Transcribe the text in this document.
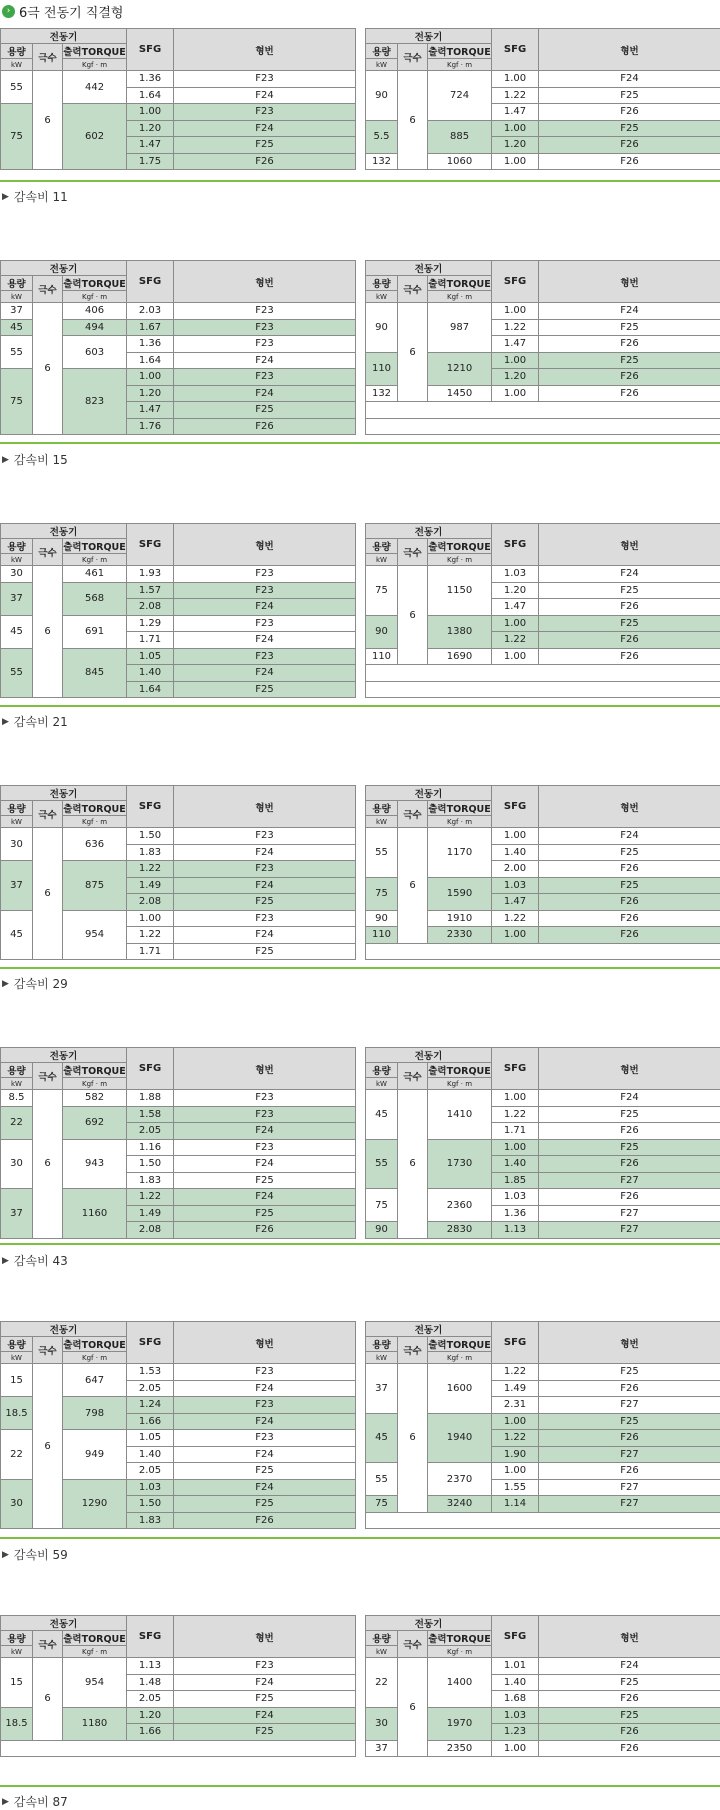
› 6극 전동기 직결형
전동기			SFG	형번
용량	극수	출력TORQUE		
kW		Kgf · m		
55	6	442	1.36	F23
			1.64	F24
75		602	1.00	F23
			1.20	F24
			1.47	F25
			1.75	F26
전동기			SFG	형번
용량	극수	출력TORQUE		
kW		Kgf · m		
90	6	724	1.00	F24
			1.22	F25
			1.47	F26
5.5		885	1.00	F25
			1.20	F26
132		1060	1.00	F26
▶ 감속비 11
전동기			SFG	형번
용량	극수	출력TORQUE		
kW		Kgf · m		
37	6	406	2.03	F23
45		494	1.67	F23
55		603	1.36	F23
			1.64	F24
75		823	1.00	F23
			1.20	F24
			1.47	F25
			1.76	F26
전동기			SFG	형번
용량	극수	출력TORQUE		
kW		Kgf · m		
90	6	987	1.00	F24
			1.22	F25
			1.47	F26
110		1210	1.00	F25
			1.20	F26
132		1450	1.00	F26

▶ 감속비 15
전동기			SFG	형번
용량	극수	출력TORQUE		
kW		Kgf · m		
30	6	461	1.93	F23
37		568	1.57	F23
			2.08	F24
45		691	1.29	F23
			1.71	F24
55		845	1.05	F23
			1.40	F24
			1.64	F25
전동기			SFG	형번
용량	극수	출력TORQUE		
kW		Kgf · m		
75	6	1150	1.03	F24
			1.20	F25
			1.47	F26
90		1380	1.00	F25
			1.22	F26
110		1690	1.00	F26

▶ 감속비 21
전동기			SFG	형번
용량	극수	출력TORQUE		
kW		Kgf · m		
30	6	636	1.50	F23
			1.83	F24
37		875	1.22	F23
			1.49	F24
			2.08	F25
45		954	1.00	F23
			1.22	F24
			1.71	F25
전동기			SFG	형번
용량	극수	출력TORQUE		
kW		Kgf · m		
55	6	1170	1.00	F24
			1.40	F25
			2.00	F26
75		1590	1.03	F25
			1.47	F26
90		1910	1.22	F26
110		2330	1.00	F26

▶ 감속비 29
전동기			SFG	형번
용량	극수	출력TORQUE		
kW		Kgf · m		
8.5	6	582	1.88	F23
22		692	1.58	F23
			2.05	F24
30		943	1.16	F23
			1.50	F24
			1.83	F25
37		1160	1.22	F24
			1.49	F25
			2.08	F26
전동기			SFG	형번
용량	극수	출력TORQUE		
kW		Kgf · m		
45	6	1410	1.00	F24
			1.22	F25
			1.71	F26
55		1730	1.00	F25
			1.40	F26
			1.85	F27
75		2360	1.03	F26
			1.36	F27
90		2830	1.13	F27
▶ 감속비 43
전동기			SFG	형번
용량	극수	출력TORQUE		
kW		Kgf · m		
15	6	647	1.53	F23
			2.05	F24
18.5		798	1.24	F23
			1.66	F24
22		949	1.05	F23
			1.40	F24
			2.05	F25
30		1290	1.03	F24
			1.50	F25
			1.83	F26
전동기			SFG	형번
용량	극수	출력TORQUE		
kW		Kgf · m		
37	6	1600	1.22	F25
			1.49	F26
			2.31	F27
45		1940	1.00	F25
			1.22	F26
			1.90	F27
55		2370	1.00	F26
			1.55	F27
75		3240	1.14	F27

▶ 감속비 59
전동기			SFG	형번
용량	극수	출력TORQUE		
kW		Kgf · m		
15	6	954	1.13	F23
			1.48	F24
			2.05	F25
18.5		1180	1.20	F24
			1.66	F25

전동기			SFG	형번
용량	극수	출력TORQUE		
kW		Kgf · m		
22	6	1400	1.01	F24
			1.40	F25
			1.68	F26
30		1970	1.03	F25
			1.23	F26
37		2350	1.00	F26
▶ 감속비 87
